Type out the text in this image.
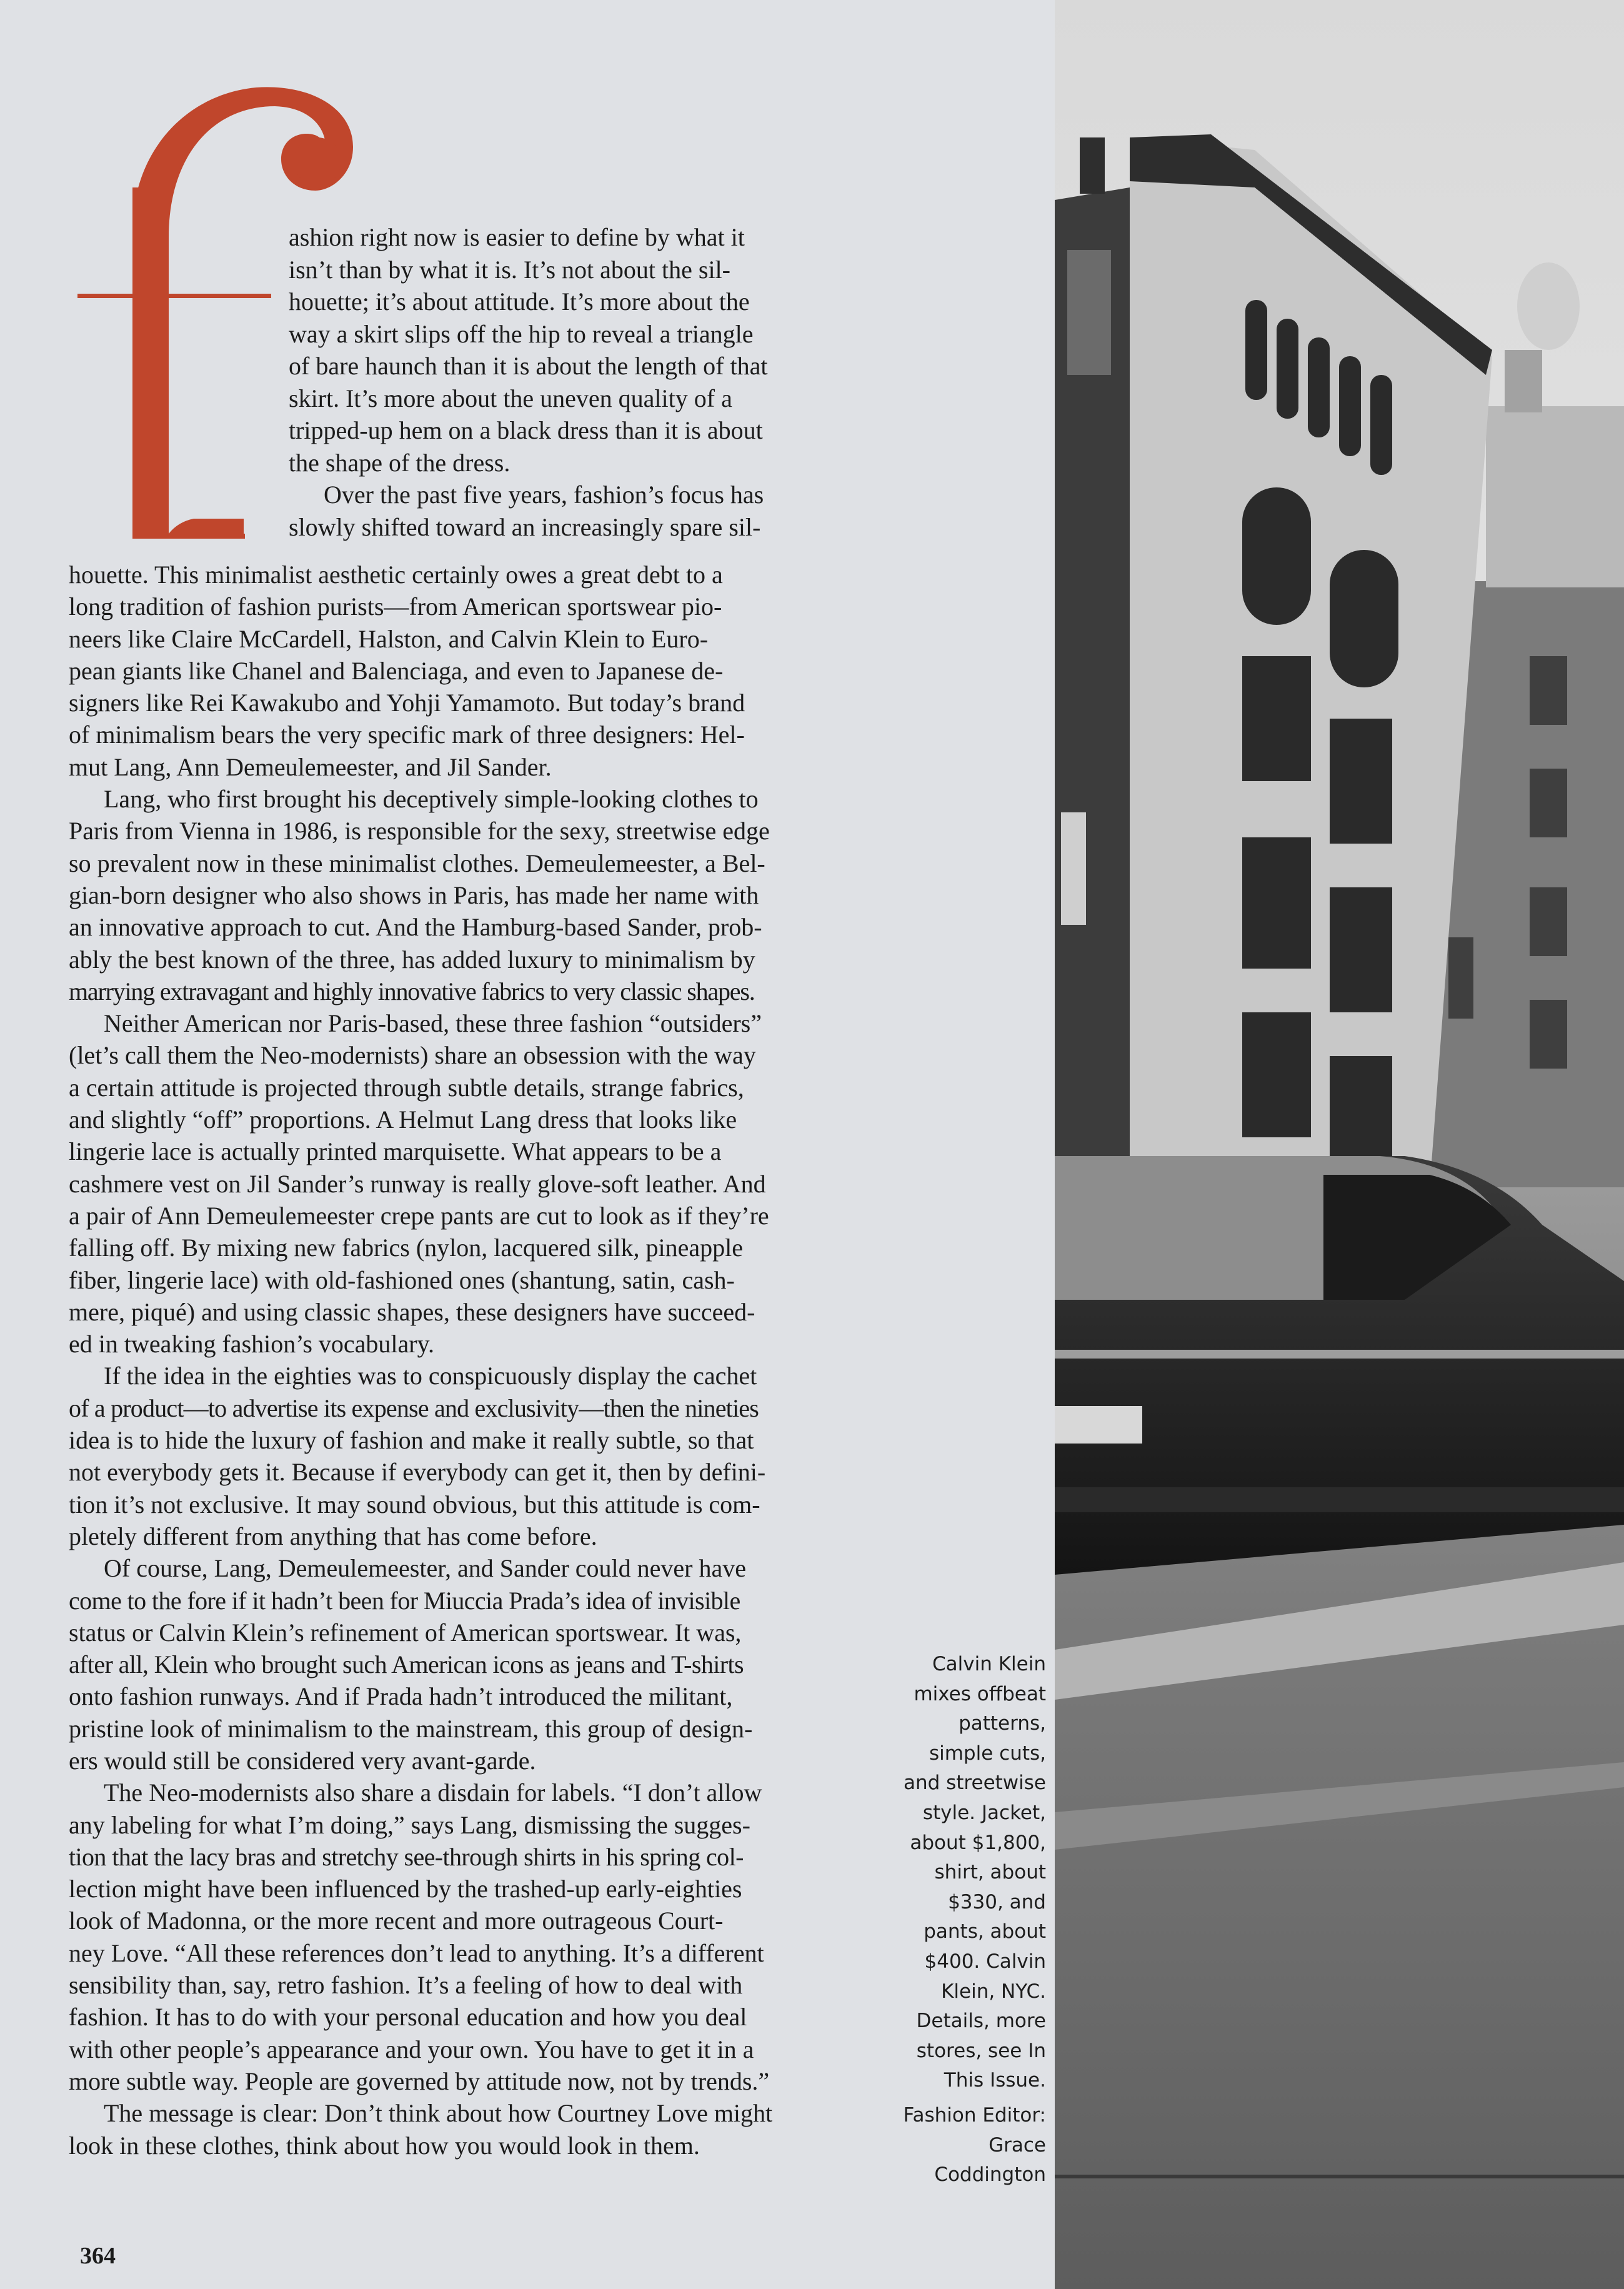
ashion right now is easier to define by what it
isn’t than by what it is. It’s not about the sil-
houette; it’s about attitude. It’s more about the
way a skirt slips off the hip to reveal a triangle
of bare haunch than it is about the length of that
skirt. It’s more about the uneven quality of a
tripped-up hem on a black dress than it is about
the shape of the dress.
Over the past five years, fashion’s focus has
slowly shifted toward an increasingly spare sil-
houette. This minimalist aesthetic certainly owes a great debt to a
long tradition of fashion purists—from American sportswear pio-
neers like Claire McCardell, Halston, and Calvin Klein to Euro-
pean giants like Chanel and Balenciaga, and even to Japanese de-
signers like Rei Kawakubo and Yohji Yamamoto. But today’s brand
of minimalism bears the very specific mark of three designers: Hel-
mut Lang, Ann Demeulemeester, and Jil Sander.
Lang, who first brought his deceptively simple-looking clothes to
Paris from Vienna in 1986, is responsible for the sexy, streetwise edge
so prevalent now in these minimalist clothes. Demeulemeester, a Bel-
gian-born designer who also shows in Paris, has made her name with
an innovative approach to cut. And the Hamburg-based Sander, prob-
ably the best known of the three, has added luxury to minimalism by
marrying extravagant and highly innovative fabrics to very classic shapes.
Neither American nor Paris-based, these three fashion “outsiders”
(let’s call them the Neo-modernists) share an obsession with the way
a certain attitude is projected through subtle details, strange fabrics,
and slightly “off” proportions. A Helmut Lang dress that looks like
lingerie lace is actually printed marquisette. What appears to be a
cashmere vest on Jil Sander’s runway is really glove-soft leather. And
a pair of Ann Demeulemeester crepe pants are cut to look as if they’re
falling off. By mixing new fabrics (nylon, lacquered silk, pineapple
fiber, lingerie lace) with old-fashioned ones (shantung, satin, cash-
mere, piqué) and using classic shapes, these designers have succeed-
ed in tweaking fashion’s vocabulary.
If the idea in the eighties was to conspicuously display the cachet
of a product—to advertise its expense and exclusivity—then the nineties
idea is to hide the luxury of fashion and make it really subtle, so that
not everybody gets it. Because if everybody can get it, then by defini-
tion it’s not exclusive. It may sound obvious, but this attitude is com-
pletely different from anything that has come before.
Of course, Lang, Demeulemeester, and Sander could never have
come to the fore if it hadn’t been for Miuccia Prada’s idea of invisible
status or Calvin Klein’s refinement of American sportswear. It was,
after all, Klein who brought such American icons as jeans and T-shirts
onto fashion runways. And if Prada hadn’t introduced the militant,
pristine look of minimalism to the mainstream, this group of design-
ers would still be considered very avant-garde.
The Neo-modernists also share a disdain for labels. “I don’t allow
any labeling for what I’m doing,” says Lang, dismissing the sugges-
tion that the lacy bras and stretchy see-through shirts in his spring col-
lection might have been influenced by the trashed-up early-eighties
look of Madonna, or the more recent and more outrageous Court-
ney Love. “All these references don’t lead to anything. It’s a different
sensibility than, say, retro fashion. It’s a feeling of how to deal with
fashion. It has to do with your personal education and how you deal
with other people’s appearance and your own. You have to get it in a
more subtle way. People are governed by attitude now, not by trends.”
The message is clear: Don’t think about how Courtney Love might
look in these clothes, think about how you would look in them.
364
Calvin Klein
mixes offbeat
patterns,
simple cuts,
and streetwise
style. Jacket,
about $1,800,
shirt, about
$330, and
pants, about
$400. Calvin
Klein, NYC.
Details, more
stores, see In
This Issue.
Fashion Editor:
Grace
Coddington
